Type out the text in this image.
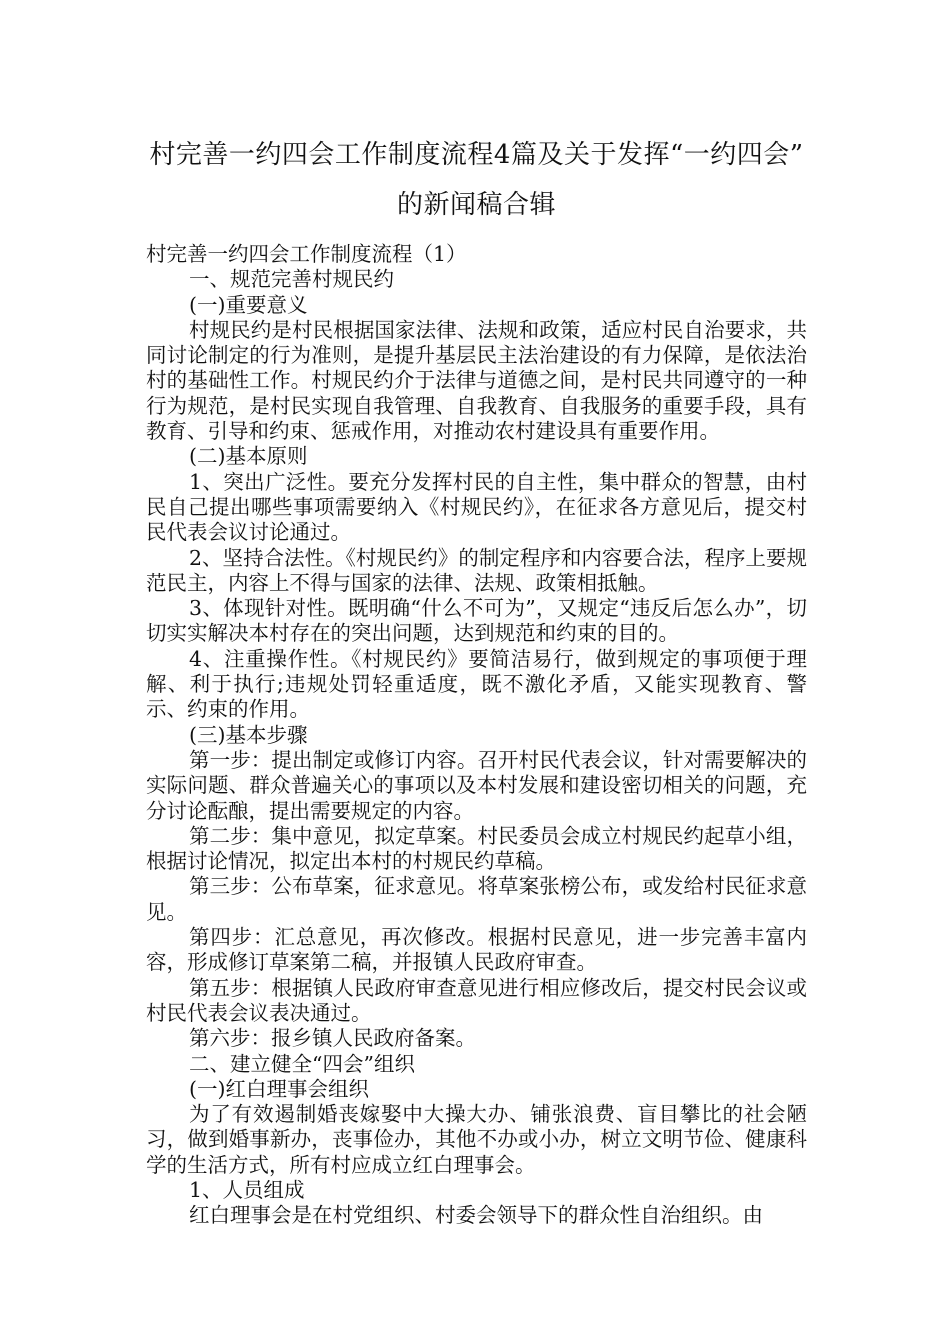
村完善一约四会工作制度流程4篇及关于发挥“一约四会”
的新闻稿合辑

村完善一约四会工作制度流程（1）

一、规范完善村规民约

(一)重要意义

村规民约是村民根据国家法律、法规和政策，适应村民自治要求，共同讨论制定的行为准则，是提升基层民主法治建设的有力保障，是依法治村的基础性工作。村规民约介于法律与道德之间，是村民共同遵守的一种行为规范，是村民实现自我管理、自我教育、自我服务的重要手段，具有教育、引导和约束、惩戒作用，对推动农村建设具有重要作用。

(二)基本原则

1、突出广泛性。要充分发挥村民的自主性，集中群众的智慧，由村民自己提出哪些事项需要纳入《村规民约》，在征求各方意见后，提交村民代表会议讨论通过。

2、坚持合法性。《村规民约》的制定程序和内容要合法，程序上要规范民主，内容上不得与国家的法律、法规、政策相抵触。

3、体现针对性。既明确“什么不可为”，又规定“违反后怎么办”，切切实实解决本村存在的突出问题，达到规范和约束的目的。

4、注重操作性。《村规民约》要简洁易行，做到规定的事项便于理解、利于执行;违规处罚轻重适度，既不激化矛盾，又能实现教育、警示、约束的作用。

(三)基本步骤

第一步：提出制定或修订内容。召开村民代表会议，针对需要解决的实际问题、群众普遍关心的事项以及本村发展和建设密切相关的问题，充分讨论酝酿，提出需要规定的内容。

第二步：集中意见，拟定草案。村民委员会成立村规民约起草小组，根据讨论情况，拟定出本村的村规民约草稿。

第三步：公布草案，征求意见。将草案张榜公布，或发给村民征求意见。

第四步：汇总意见，再次修改。根据村民意见，进一步完善丰富内容，形成修订草案第二稿，并报镇人民政府审查。

第五步：根据镇人民政府审查意见进行相应修改后，提交村民会议或村民代表会议表决通过。

第六步：报乡镇人民政府备案。

二、建立健全“四会”组织

(一)红白理事会组织

为了有效遏制婚丧嫁娶中大操大办、铺张浪费、盲目攀比的社会陋习，做到婚事新办，丧事俭办，其他不办或小办，树立文明节俭、健康科学的生活方式，所有村应成立红白理事会。

1、人员组成

红白理事会是在村党组织、村委会领导下的群众性自治组织。由
